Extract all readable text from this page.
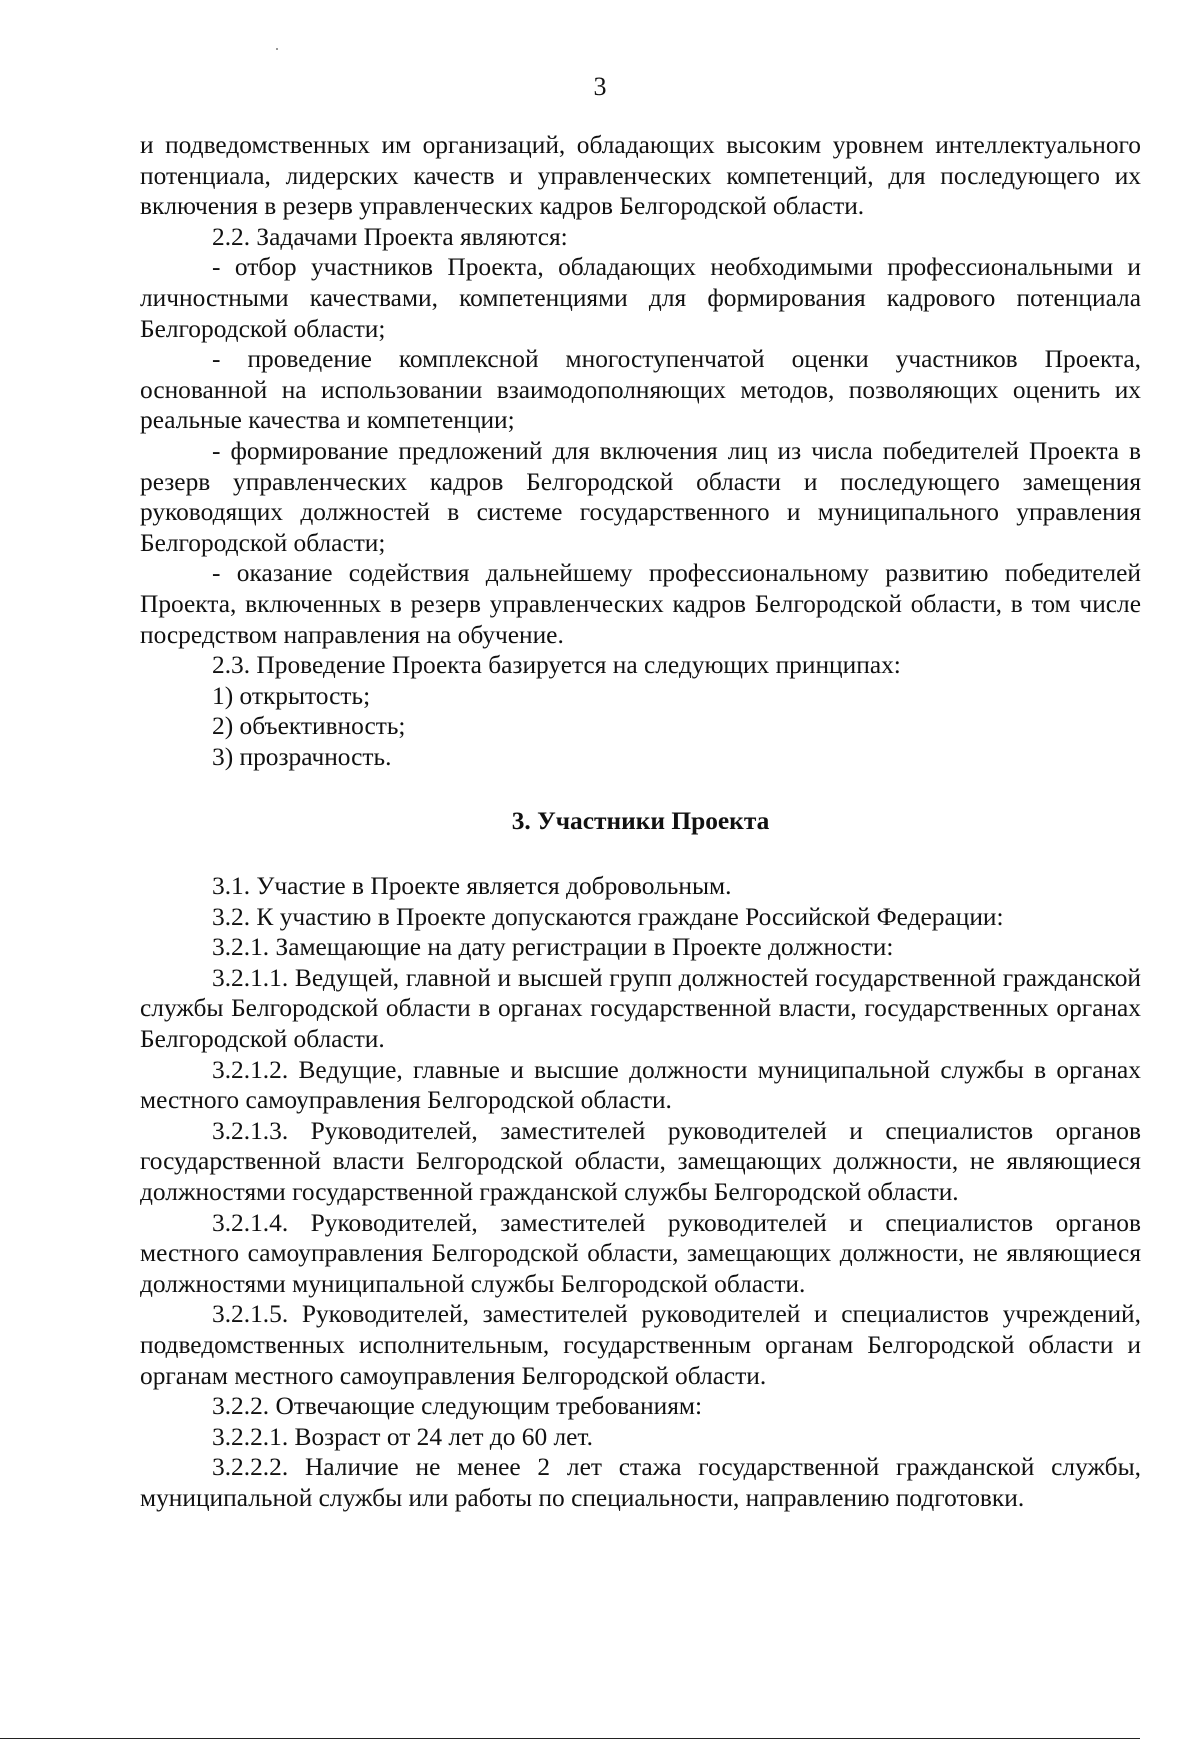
3

и подведомственных им организаций, обладающих высоким уровнем интеллектуального потенциала, лидерских качеств и управленческих компетенций, для последующего их включения в резерв управленческих кадров Белгородской области.

2.2. Задачами Проекта являются:

- отбор участников Проекта, обладающих необходимыми профессиональными и личностными качествами, компетенциями для формирования кадрового потенциала Белгородской области;

- проведение комплексной многоступенчатой оценки участников Проекта, основанной на использовании взаимодополняющих методов, позволяющих оценить их реальные качества и компетенции;

- формирование предложений для включения лиц из числа победителей Проекта в резерв управленческих кадров Белгородской области и последующего замещения руководящих должностей в системе государственного и муниципального управления Белгородской области;

- оказание содействия дальнейшему профессиональному развитию победителей Проекта, включенных в резерв управленческих кадров Белгородской области, в том числе посредством направления на обучение.

2.3. Проведение Проекта базируется на следующих принципах:

1) открытость;

2) объективность;

3) прозрачность.

3. Участники Проекта

3.1. Участие в Проекте является добровольным.

3.2. К участию в Проекте допускаются граждане Российской Федерации:

3.2.1. Замещающие на дату регистрации в Проекте должности:

3.2.1.1. Ведущей, главной и высшей групп должностей государственной гражданской службы Белгородской области в органах государственной власти, государственных органах Белгородской области.

3.2.1.2. Ведущие, главные и высшие должности муниципальной службы в органах местного самоуправления Белгородской области.

3.2.1.3. Руководителей, заместителей руководителей и специалистов органов государственной власти Белгородской области, замещающих должности, не являющиеся должностями государственной гражданской службы Белгородской области.

3.2.1.4. Руководителей, заместителей руководителей и специалистов органов местного самоуправления Белгородской области, замещающих должности, не являющиеся должностями муниципальной службы Белгородской области.

3.2.1.5. Руководителей, заместителей руководителей и специалистов учреждений, подведомственных исполнительным, государственным органам Белгородской области и органам местного самоуправления Белгородской области.

3.2.2. Отвечающие следующим требованиям:

3.2.2.1. Возраст от 24 лет до 60 лет.

3.2.2.2. Наличие не менее 2 лет стажа государственной гражданской службы, муниципальной службы или работы по специальности, направлению подготовки.
